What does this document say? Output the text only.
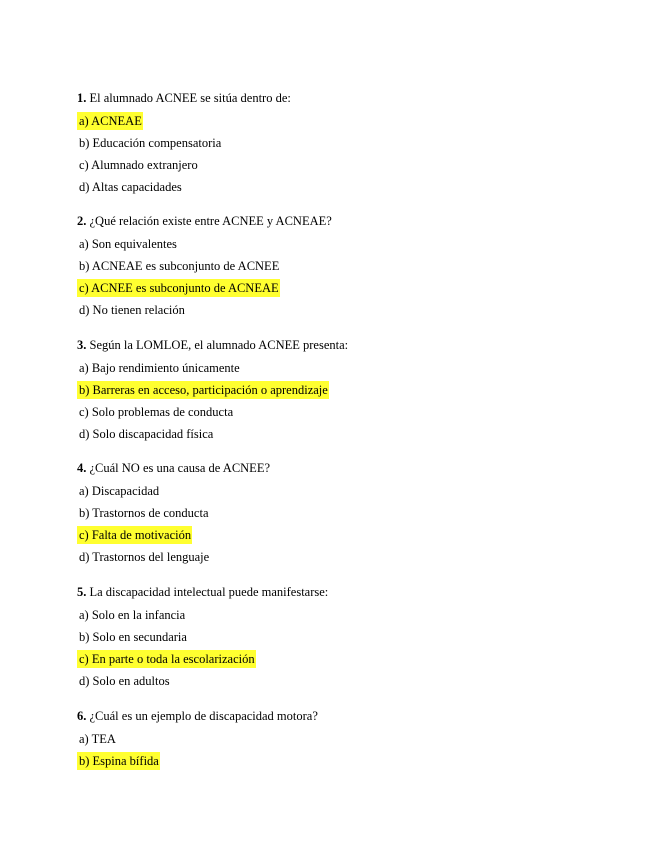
1. El alumnado ACNEE se sitúa dentro de:
a) ACNEAE
b) Educación compensatoria
c) Alumnado extranjero
d) Altas capacidades
2. ¿Qué relación existe entre ACNEE y ACNEAE?
a) Son equivalentes
b) ACNEAE es subconjunto de ACNEE
c) ACNEE es subconjunto de ACNEAE
d) No tienen relación
3. Según la LOMLOE, el alumnado ACNEE presenta:
a) Bajo rendimiento únicamente
b) Barreras en acceso, participación o aprendizaje
c) Solo problemas de conducta
d) Solo discapacidad física
4. ¿Cuál NO es una causa de ACNEE?
a) Discapacidad
b) Trastornos de conducta
c) Falta de motivación
d) Trastornos del lenguaje
5. La discapacidad intelectual puede manifestarse:
a) Solo en la infancia
b) Solo en secundaria
c) En parte o toda la escolarización
d) Solo en adultos
6. ¿Cuál es un ejemplo de discapacidad motora?
a) TEA
b) Espina bífida
